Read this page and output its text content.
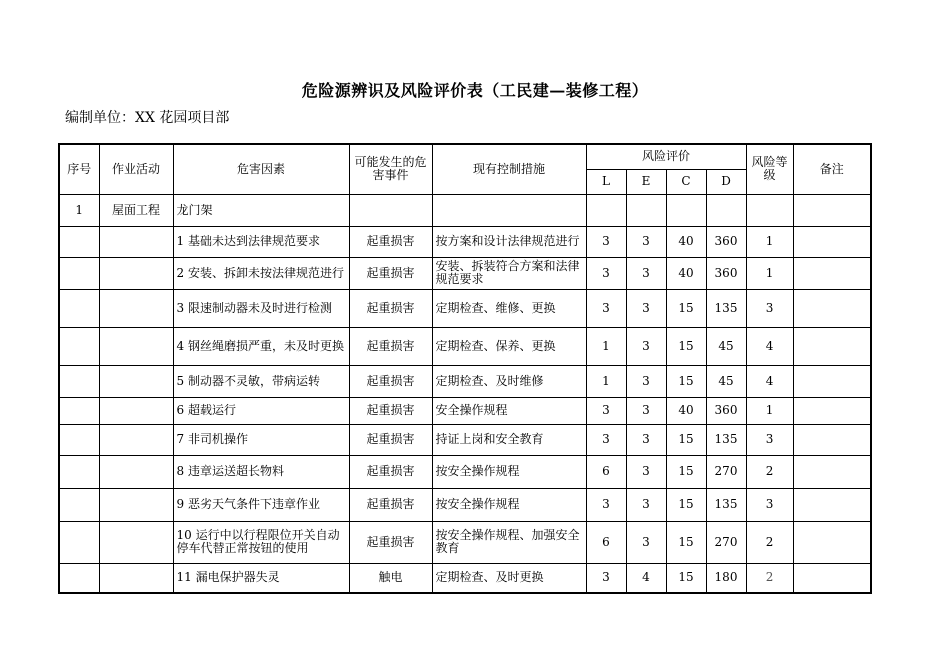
危险源辨识及风险评价表（工民建—装修工程）
编制单位：XX 花园项目部
序号	作业活动	危害因素	可能发生的危害事件	现有控制措施	风险评价				风险等级	备注
					L	E	C	D		
1	屋面工程	龙门架								
		1 基础未达到法律规范要求	起重损害	按方案和设计法律规范进行	3	3	40	360	1	
		2 安装、拆卸未按法律规范进行	起重损害	安装、拆装符合方案和法律规范要求	3	3	40	360	1	
		3 限速制动器未及时进行检测	起重损害	定期检查、维修、更换	3	3	15	135	3	
		4 钢丝绳磨损严重，未及时更换	起重损害	定期检查、保养、更换	1	3	15	45	4	
		5 制动器不灵敏，带病运转	起重损害	定期检查、及时维修	1	3	15	45	4	
		6 超载运行	起重损害	安全操作规程	3	3	40	360	1	
		7 非司机操作	起重损害	持证上岗和安全教育	3	3	15	135	3	
		8 违章运送超长物料	起重损害	按安全操作规程	6	3	15	270	2	
		9 恶劣天气条件下违章作业	起重损害	按安全操作规程	3	3	15	135	3	
		10 运行中以行程限位开关自动停车代替正常按钮的使用	起重损害	按安全操作规程、加强安全教育	6	3	15	270	2	
		11 漏电保护器失灵	触电	定期检查、及时更换	3	4	15	180	2	
